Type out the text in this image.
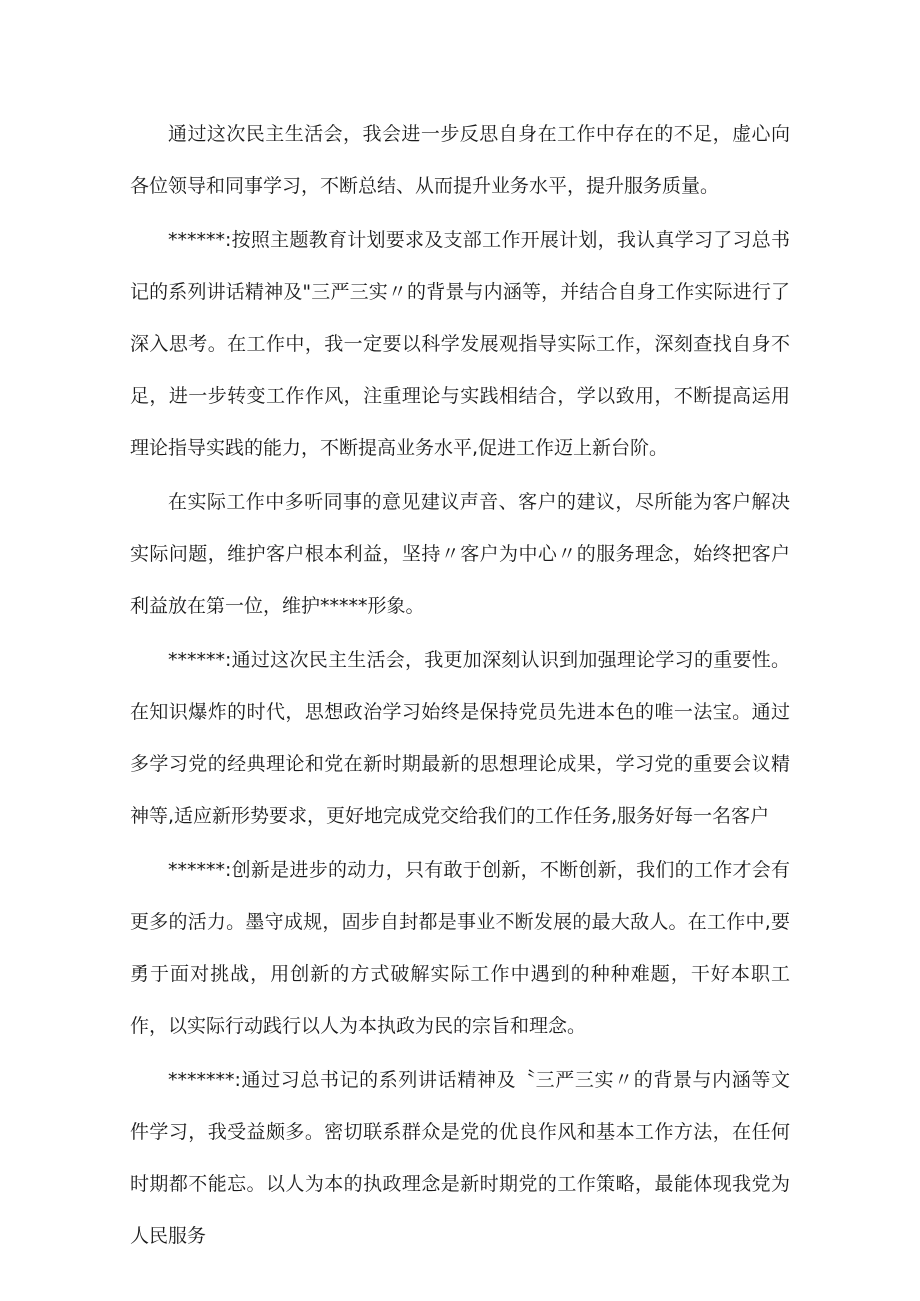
通过这次民主生活会，我会进一步反思自身在工作中存在的不足，虚心向各位领导和同事学习，不断总结、从而提升业务水平，提升服务质量。

******:按照主题教育计划要求及支部工作开展计划，我认真学习了习总书记的系列讲话精神及"三严三实〃的背景与内涵等，并结合自身工作实际进行了深入思考。在工作中，我一定要以科学发展观指导实际工作，深刻查找自身不足，进一步转变工作作风，注重理论与实践相结合，学以致用，不断提高运用理论指导实践的能力，不断提高业务水平,促进工作迈上新台阶。

在实际工作中多听同事的意见建议声音、客户的建议，尽所能为客户解决实际问题，维护客户根本利益，坚持〃客户为中心〃的服务理念，始终把客户利益放在第一位，维护*****形象。

******:通过这次民主生活会，我更加深刻认识到加强理论学习的重要性。在知识爆炸的时代，思想政治学习始终是保持党员先进本色的唯一法宝。通过多学习党的经典理论和党在新时期最新的思想理论成果，学习党的重要会议精神等,适应新形势要求，更好地完成党交给我们的工作任务,服务好每一名客户

******:创新是进步的动力，只有敢于创新，不断创新，我们的工作才会有更多的活力。墨守成规，固步自封都是事业不断发展的最大敌人。在工作中,要勇于面对挑战，用创新的方式破解实际工作中遇到的种种难题，干好本职工作，以实际行动践行以人为本执政为民的宗旨和理念。

*******:通过习总书记的系列讲话精神及〝三严三实〃的背景与内涵等文件学习，我受益颇多。密切联系群众是党的优良作风和基本工作方法，在任何时期都不能忘。以人为本的执政理念是新时期党的工作策略，最能体现我党为人民服务
